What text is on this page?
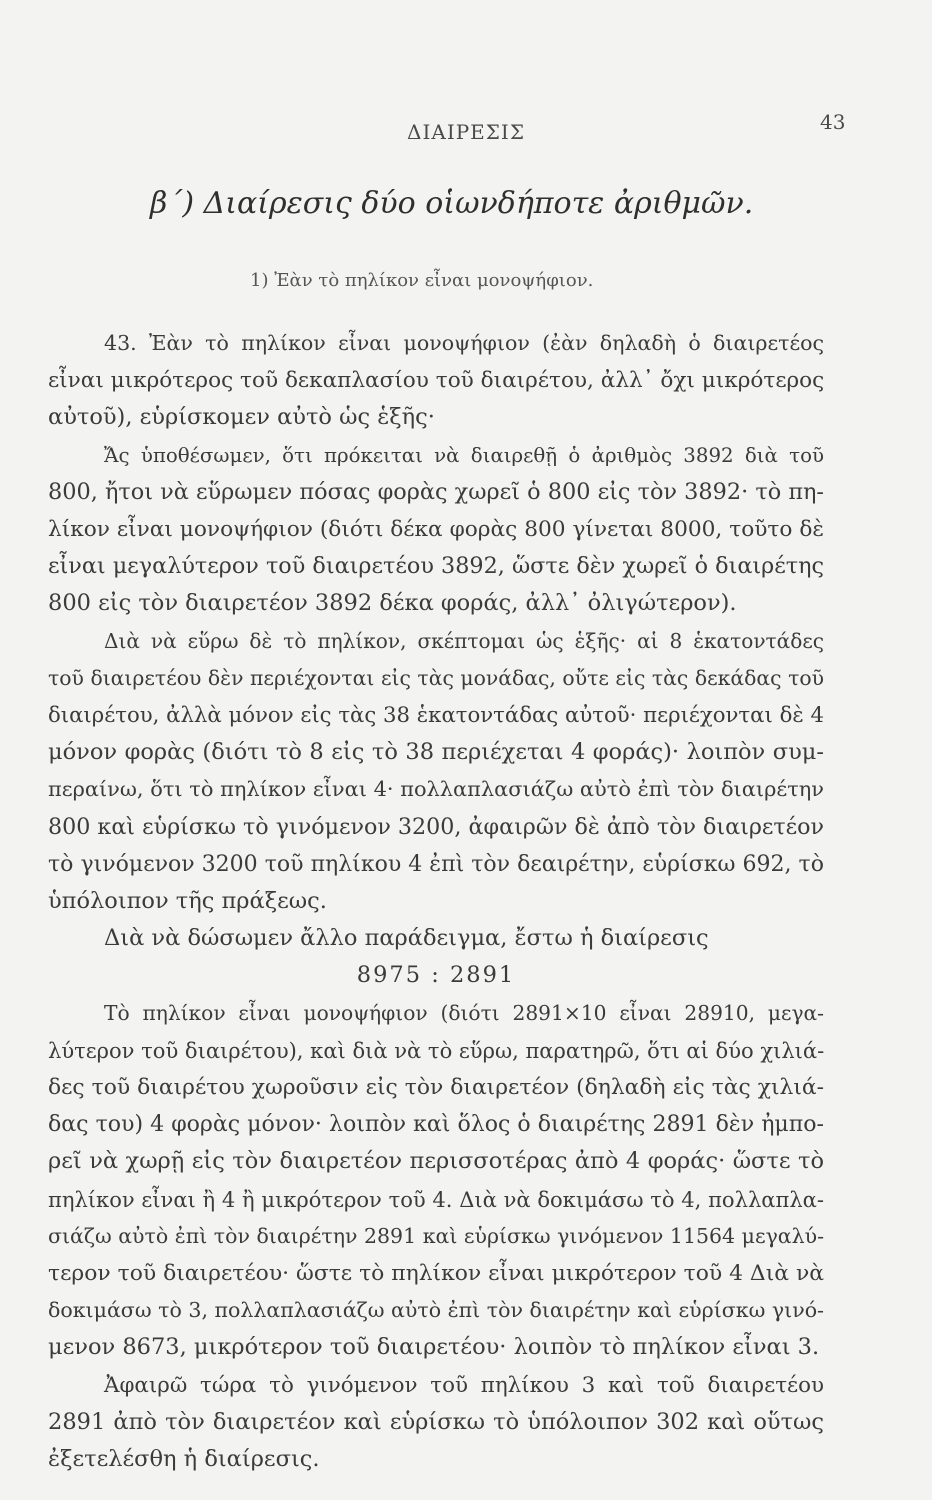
ΔΙΑΙΡΕΣΙΣ	43
β΄) Διαίρεσις δύο οἱωνδήποτε ἀριθμῶν.
1) Ἐὰν τὸ πηλίκον εἶναι μονοψήφιον.

43. Ἐὰν τὸ πηλίκον εἶναι μονοψήφιον (ἐὰν δηλαδὴ ὁ διαιρετέος
εἶναι μικρότερος τοῦ δεκαπλασίου τοῦ διαιρέτου, ἀλλ᾽ ὄχι μικρότερος
αὐτοῦ), εὑρίσκομεν αὐτὸ ὡς ἑξῆς·

Ἄς ὑποθέσωμεν, ὅτι πρόκειται νὰ διαιρεθῇ ὁ ἀριθμὸς 3892 διὰ τοῦ
800, ἤτοι νὰ εὕρωμεν πόσας φορὰς χωρεῖ ὁ 800 εἰς τὸν 3892· τὸ πη-
λίκον εἶναι μονοψήφιον (διότι δέκα φορὰς 800 γίνεται 8000, τοῦτο δὲ
εἶναι μεγαλύτερον τοῦ διαιρετέου 3892, ὥστε δὲν χωρεῖ ὁ διαιρέτης
800 εἰς τὸν διαιρετέον 3892 δέκα φοράς, ἀλλ᾽ ὀλιγώτερον).

Διὰ νὰ εὕρω δὲ τὸ πηλίκον, σκέπτομαι ὡς ἑξῆς· αἱ 8 ἑκατοντάδες
τοῦ διαιρετέου δὲν περιέχονται εἰς τὰς μονάδας, οὔτε εἰς τὰς δεκάδας τοῦ
διαιρέτου, ἀλλὰ μόνον εἰς τὰς 38 ἑκατοντάδας αὐτοῦ· περιέχονται δὲ 4
μόνον φορὰς (διότι τὸ 8 εἰς τὸ 38 περιέχεται 4 φοράς)· λοιπὸν συμ-
περαίνω, ὅτι τὸ πηλίκον εἶναι 4· πολλαπλασιάζω αὐτὸ ἐπὶ τὸν διαιρέτην
800 καὶ εὑρίσκω τὸ γινόμενον 3200, ἀφαιρῶν δὲ ἀπὸ τὸν διαιρετέον
τὸ γινόμενον 3200 τοῦ πηλίκου 4 ἐπὶ τὸν δεαιρέτην, εὑρίσκω 692, τὸ
ὑπόλοιπον τῆς πράξεως.

Διὰ νὰ δώσωμεν ἄλλο παράδειγμα, ἔστω ἡ διαίρεσις
8975 : 2891

Τὸ πηλίκον εἶναι μονοψήφιον (διότι 2891×10 εἶναι 28910, μεγα-
λύτερον τοῦ διαιρέτου), καὶ διὰ νὰ τὸ εὕρω, παρατηρῶ, ὅτι αἱ δύο χιλιά-
δες τοῦ διαιρέτου χωροῦσιν εἰς τὸν διαιρετέον (δηλαδὴ εἰς τὰς χιλιά-
δας του) 4 φορὰς μόνον· λοιπὸν καὶ ὅλος ὁ διαιρέτης 2891 δὲν ἠμπο-
ρεῖ νὰ χωρῇ εἰς τὸν διαιρετέον περισσοτέρας ἀπὸ 4 φοράς· ὥστε τὸ
πηλίκον εἶναι ἢ 4 ἢ μικρότερον τοῦ 4. Διὰ νὰ δοκιμάσω τὸ 4, πολλαπλα-
σιάζω αὐτὸ ἐπὶ τὸν διαιρέτην 2891 καὶ εὑρίσκω γινόμενον 11564 μεγαλύ-
τερον τοῦ διαιρετέου· ὥστε τὸ πηλίκον εἶναι μικρότερον τοῦ 4 Διὰ νὰ
δοκιμάσω τὸ 3, πολλαπλασιάζω αὐτὸ ἐπὶ τὸν διαιρέτην καὶ εὑρίσκω γινό-
μενον 8673, μικρότερον τοῦ διαιρετέου· λοιπὸν τὸ πηλίκον εἶναι 3.

Ἀφαιρῶ τώρα τὸ γινόμενον τοῦ πηλίκου 3 καὶ τοῦ διαιρετέου
2891 ἀπὸ τὸν διαιρετέον καὶ εὑρίσκω τὸ ὑπόλοιπον 302 καὶ οὕτως
ἐξετελέσθη ἡ διαίρεσις.
